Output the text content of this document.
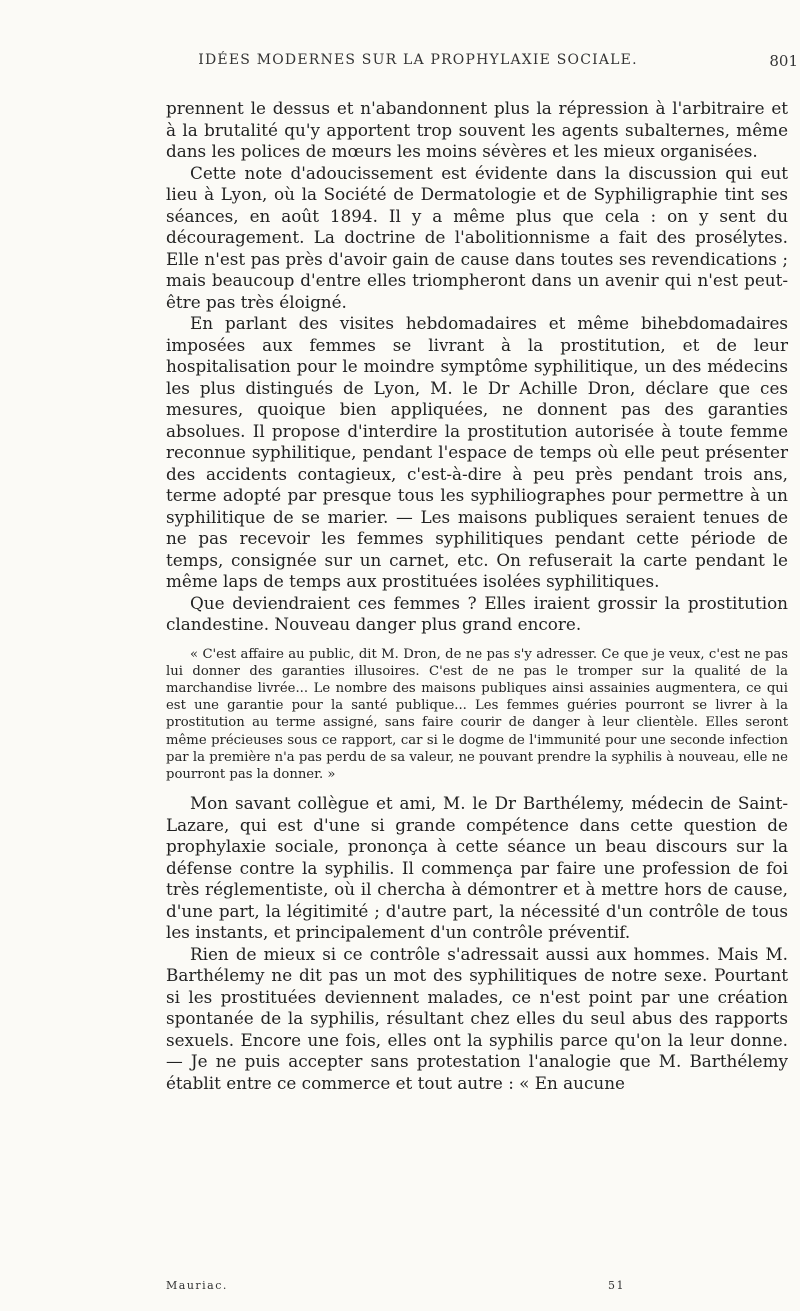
IDÉES MODERNES SUR LA PROPHYLAXIE SOCIALE.	801

prennent le dessus et n'abandonnent plus la répression à l'arbitraire et à la brutalité qu'y apportent trop souvent les agents subalternes, même dans les polices de mœurs les moins sévères et les mieux organisées.

Cette note d'adoucissement est évidente dans la discussion qui eut lieu à Lyon, où la Société de Dermatologie et de Syphiligraphie tint ses séances, en août 1894. Il y a même plus que cela : on y sent du découragement. La doctrine de l'abolitionnisme a fait des prosélytes. Elle n'est pas près d'avoir gain de cause dans toutes ses revendications ; mais beaucoup d'entre elles triompheront dans un avenir qui n'est peut-être pas très éloigné.

En parlant des visites hebdomadaires et même bihebdomadaires imposées aux femmes se livrant à la prostitution, et de leur hospitalisation pour le moindre symptôme syphilitique, un des médecins les plus distingués de Lyon, M. le Dr Achille Dron, déclare que ces mesures, quoique bien appliquées, ne donnent pas des garanties absolues. Il propose d'interdire la prostitution autorisée à toute femme reconnue syphilitique, pendant l'espace de temps où elle peut présenter des accidents contagieux, c'est-à-dire à peu près pendant trois ans, terme adopté par presque tous les syphiliographes pour permettre à un syphilitique de se marier. — Les maisons publiques seraient tenues de ne pas recevoir les femmes syphilitiques pendant cette période de temps, consignée sur un carnet, etc. On refuserait la carte pendant le même laps de temps aux prostituées isolées syphilitiques.

Que deviendraient ces femmes ? Elles iraient grossir la prostitution clandestine. Nouveau danger plus grand encore.

« C'est affaire au public, dit M. Dron, de ne pas s'y adresser. Ce que je veux, c'est ne pas lui donner des garanties illusoires. C'est de ne pas le tromper sur la qualité de la marchandise livrée... Le nombre des maisons publiques ainsi assainies augmentera, ce qui est une garantie pour la santé publique... Les femmes guéries pourront se livrer à la prostitution au terme assigné, sans faire courir de danger à leur clientèle. Elles seront même précieuses sous ce rapport, car si le dogme de l'immunité pour une seconde infection par la première n'a pas perdu de sa valeur, ne pouvant prendre la syphilis à nouveau, elle ne pourront pas la donner. »

Mon savant collègue et ami, M. le Dr Barthélemy, médecin de Saint-Lazare, qui est d'une si grande compétence dans cette question de prophylaxie sociale, prononça à cette séance un beau discours sur la défense contre la syphilis. Il commença par faire une profession de foi très réglementiste, où il chercha à démontrer et à mettre hors de cause, d'une part, la légitimité ; d'autre part, la nécessité d'un contrôle de tous les instants, et principalement d'un contrôle préventif.

Rien de mieux si ce contrôle s'adressait aussi aux hommes. Mais M. Barthélemy ne dit pas un mot des syphilitiques de notre sexe. Pourtant si les prostituées deviennent malades, ce n'est point par une création spontanée de la syphilis, résultant chez elles du seul abus des rapports sexuels. Encore une fois, elles ont la syphilis parce qu'on la leur donne. — Je ne puis accepter sans protestation l'analogie que M. Barthélemy établit entre ce commerce et tout autre : « En aucune

Mauriac.	51
